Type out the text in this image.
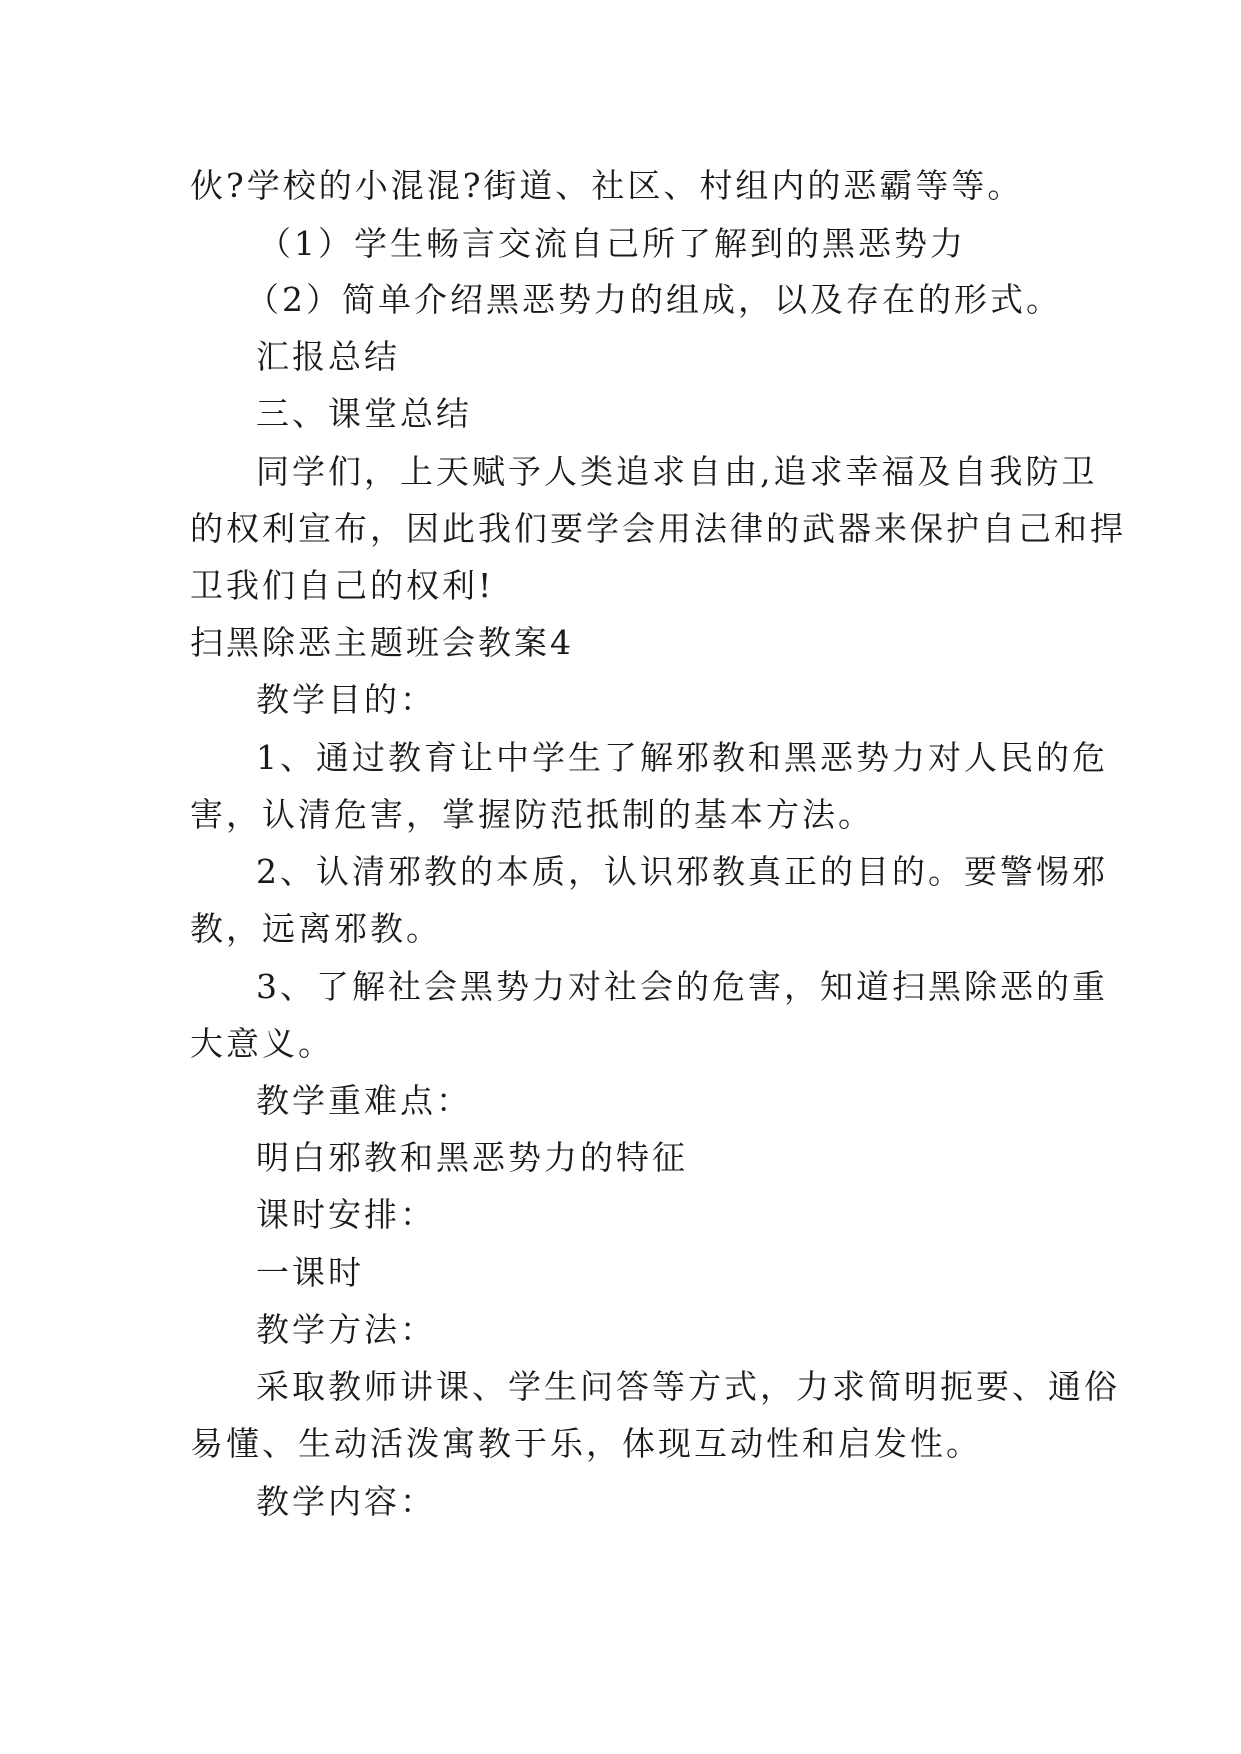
伙?学校的小混混?街道、社区、村组内的恶霸等等。
（1）学生畅言交流自己所了解到的黑恶势力
（2）简单介绍黑恶势力的组成，以及存在的形式。
汇报总结
三、课堂总结
同学们，上天赋予人类追求自由,追求幸福及自我防卫
的权利宣布，因此我们要学会用法律的武器来保护自己和捍
卫我们自己的权利!
扫黑除恶主题班会教案4
教学目的：
1、通过教育让中学生了解邪教和黑恶势力对人民的危
害，认清危害，掌握防范抵制的基本方法。
2、认清邪教的本质，认识邪教真正的目的。要警惕邪
教，远离邪教。
3、了解社会黑势力对社会的危害，知道扫黑除恶的重
大意义。
教学重难点：
明白邪教和黑恶势力的特征
课时安排：
一课时
教学方法：
采取教师讲课、学生问答等方式，力求简明扼要、通俗
易懂、生动活泼寓教于乐，体现互动性和启发性。
教学内容：
